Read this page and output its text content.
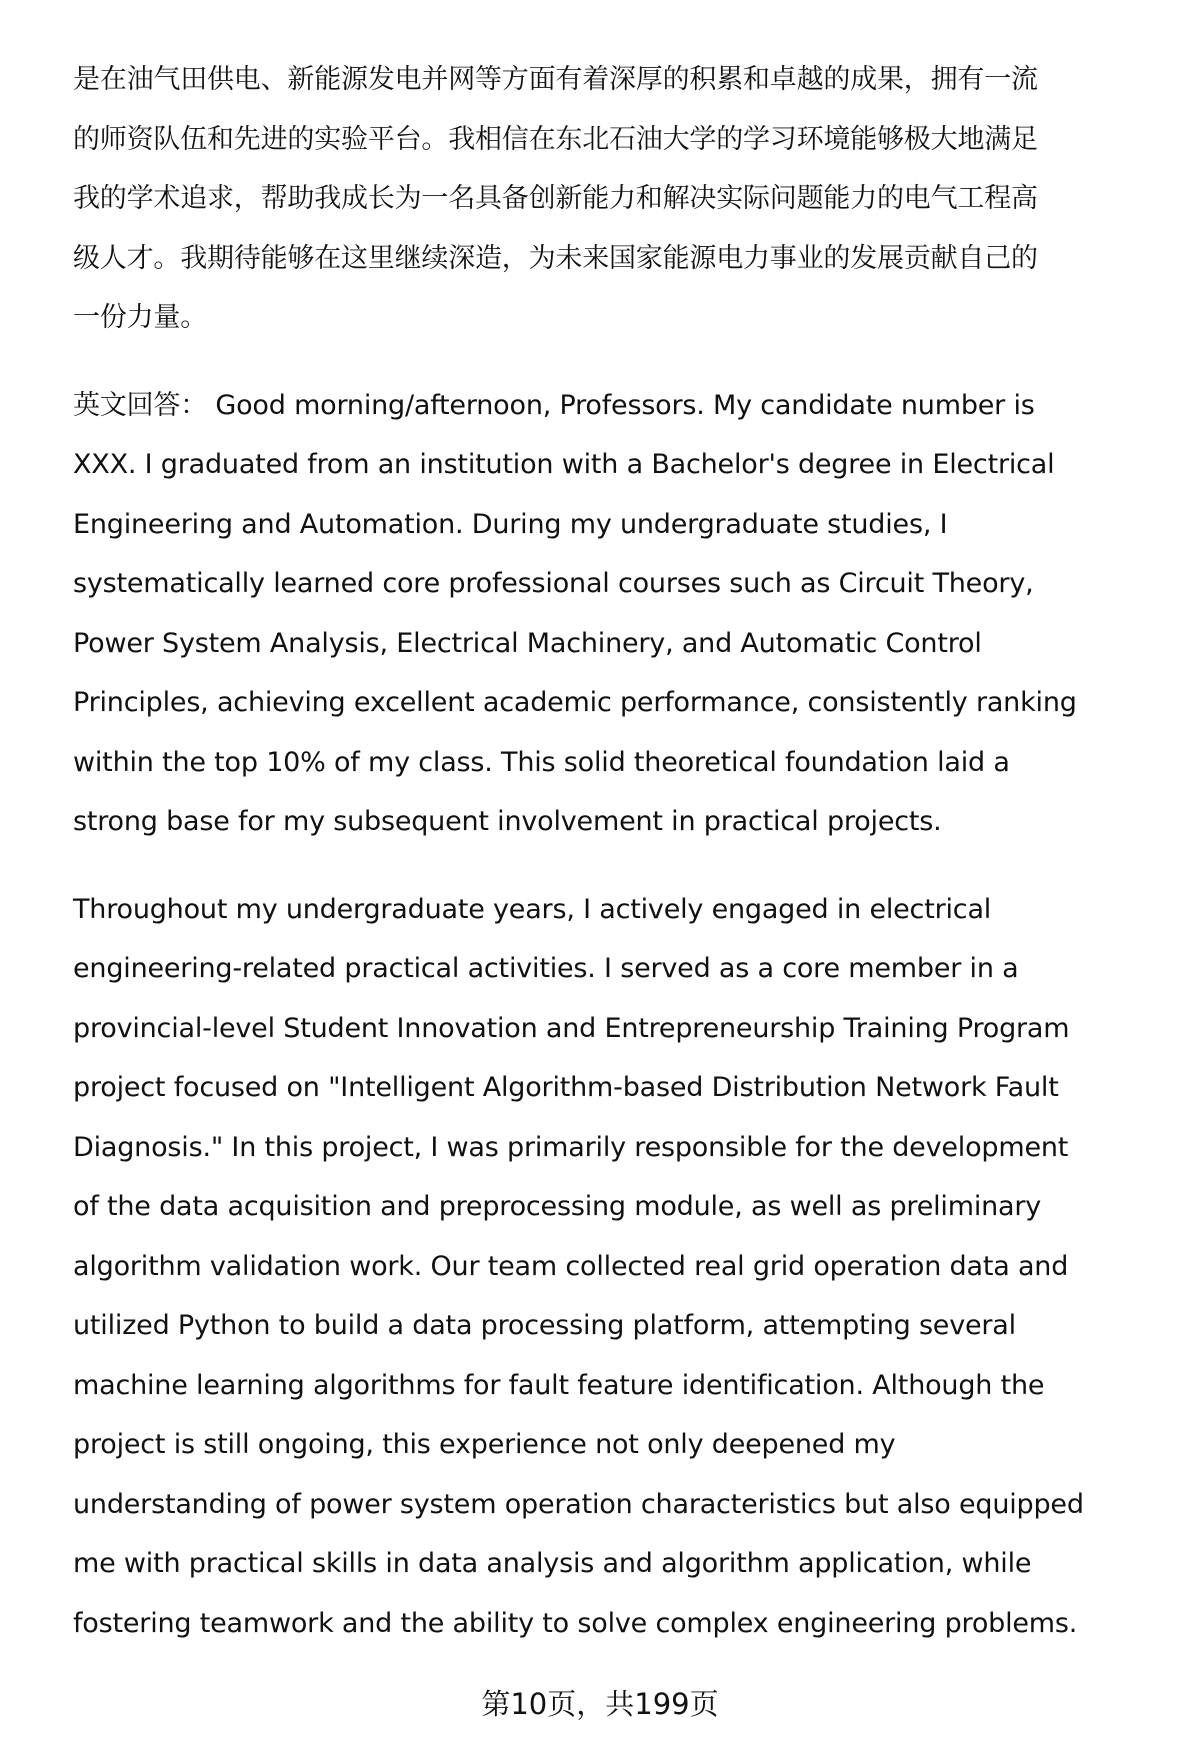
是在油气田供电、新能源发电并网等方面有着深厚的积累和卓越的成果，拥有一流
的师资队伍和先进的实验平台。我相信在东北石油大学的学习环境能够极大地满足
我的学术追求，帮助我成长为一名具备创新能力和解决实际问题能力的电气工程高
级人才。我期待能够在这里继续深造，为未来国家能源电力事业的发展贡献自己的
一份力量。
英文回答： Good morning/afternoon, Professors. My candidate number is
XXX. I graduated from an institution with a Bachelor's degree in Electrical
Engineering and Automation. During my undergraduate studies, I
systematically learned core professional courses such as Circuit Theory,
Power System Analysis, Electrical Machinery, and Automatic Control
Principles, achieving excellent academic performance, consistently ranking
within the top 10% of my class. This solid theoretical foundation laid a
strong base for my subsequent involvement in practical projects.
Throughout my undergraduate years, I actively engaged in electrical
engineering-related practical activities. I served as a core member in a
provincial-level Student Innovation and Entrepreneurship Training Program
project focused on "Intelligent Algorithm-based Distribution Network Fault
Diagnosis." In this project, I was primarily responsible for the development
of the data acquisition and preprocessing module, as well as preliminary
algorithm validation work. Our team collected real grid operation data and
utilized Python to build a data processing platform, attempting several
machine learning algorithms for fault feature identification. Although the
project is still ongoing, this experience not only deepened my
understanding of power system operation characteristics but also equipped
me with practical skills in data analysis and algorithm application, while
fostering teamwork and the ability to solve complex engineering problems.
第10页，共199页
